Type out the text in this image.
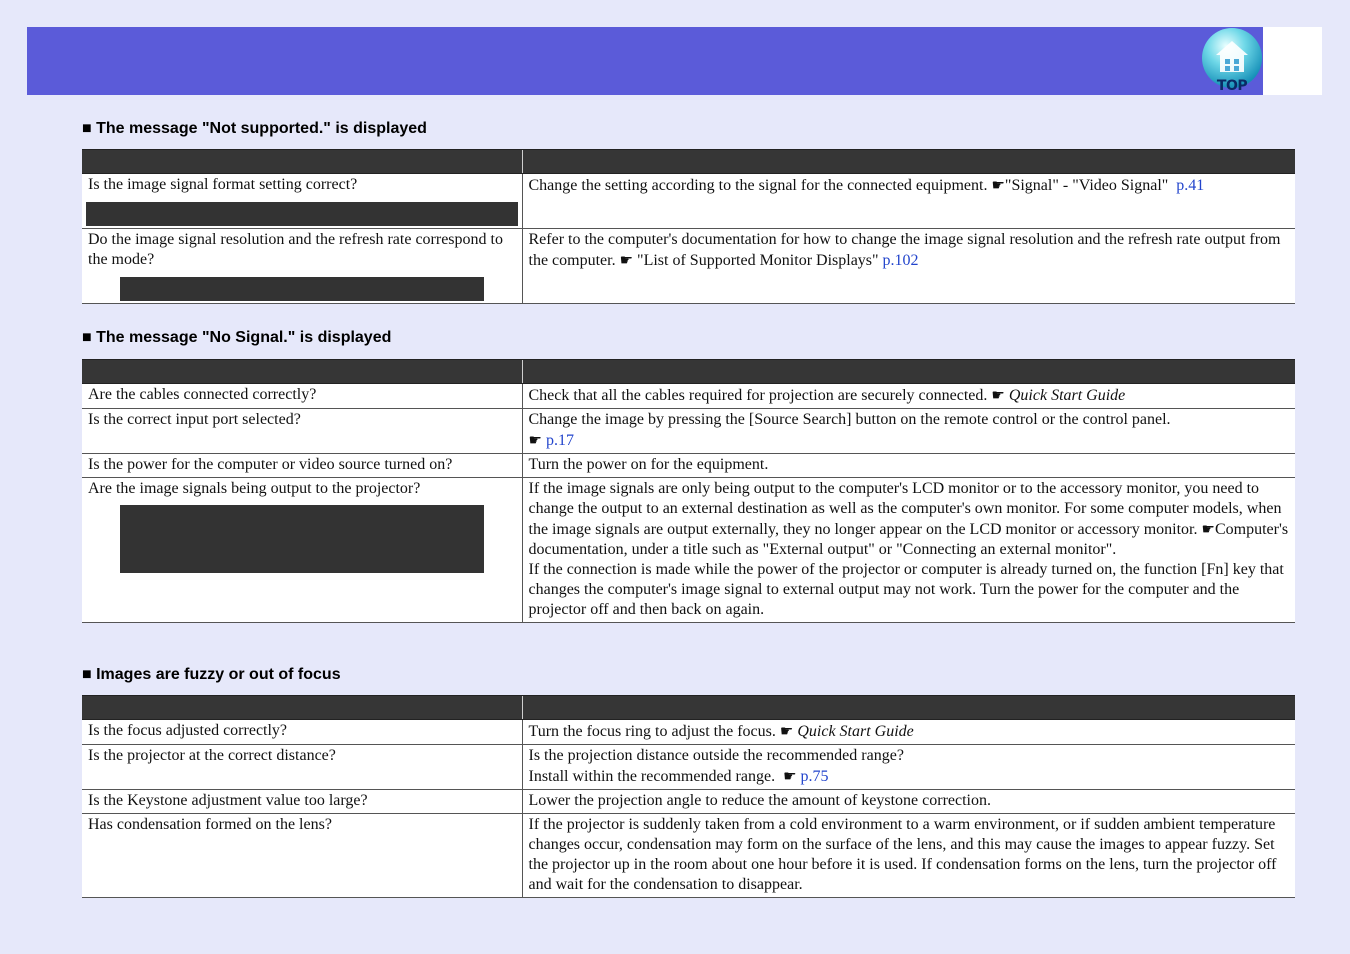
TOP
■ The message "Not supported." is displayed

Is the image signal format setting correct?	Change the setting according to the signal for the connected equipment. ☛"Signal" - "Video Signal" p.41

Do the image signal resolution and the refresh rate correspond to the mode?	Refer to the computer's documentation for how to change the image signal resolution and the refresh rate output from the computer. ☛ "List of Supported Monitor Displays" p.102
■ The message "No Signal." is displayed

Are the cables connected correctly?	Check that all the cables required for projection are securely connected. ☛ Quick Start Guide
Is the correct input port selected?	Change the image by pressing the [Source Search] button on the remote control or the control panel.
☛ p.17

Is the power for the computer or video source turned on?	Turn the power on for the equipment.

Are the image signals being output to the projector?	If the image signals are only being output to the computer's LCD monitor or to the accessory monitor, you need to change the output to an external destination as well as the computer's own monitor. For some computer models, when the image signals are output externally, they no longer appear on the LCD monitor or accessory monitor. ☛Computer's documentation, under a title such as "External output" or "Connecting an external monitor".
If the connection is made while the power of the projector or computer is already turned on, the function [Fn] key that changes the computer's image signal to external output may not work. Turn the power for the computer and the projector off and then back on again.
■ Images are fuzzy or out of focus

Is the focus adjusted correctly?	Turn the focus ring to adjust the focus. ☛ Quick Start Guide
Is the projector at the correct distance?	Is the projection distance outside the recommended range?
Install within the recommended range. ☛ p.75

Is the Keystone adjustment value too large?	Lower the projection angle to reduce the amount of keystone correction.
Has condensation formed on the lens?	If the projector is suddenly taken from a cold environment to a warm environment, or if sudden ambient temperature changes occur, condensation may form on the surface of the lens, and this may cause the images to appear fuzzy. Set the projector up in the room about one hour before it is used. If condensation forms on the lens, turn the projector off and wait for the condensation to disappear.
